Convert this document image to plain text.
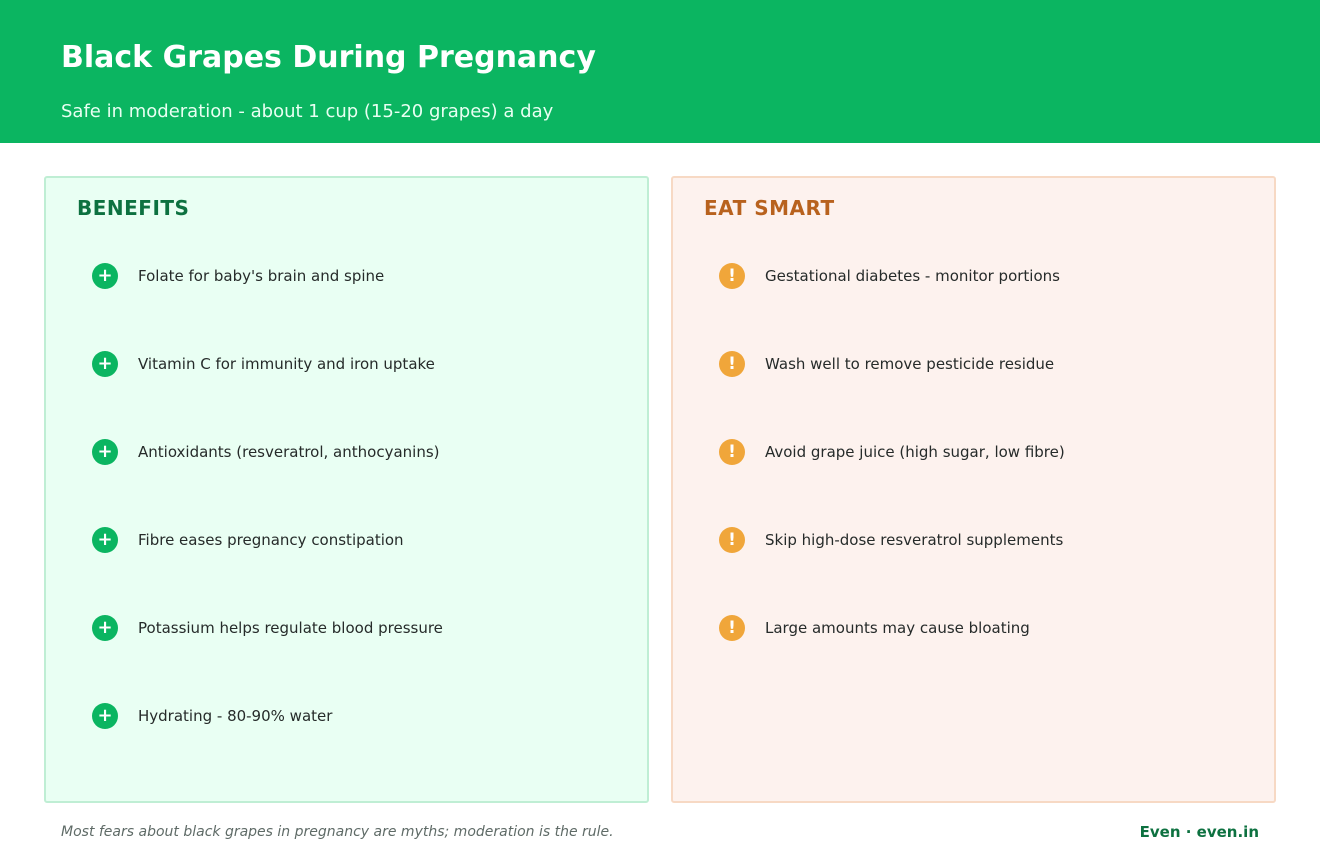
Black Grapes During Pregnancy
Safe in moderation - about 1 cup (15-20 grapes) a day
BENEFITS
+	Folate for baby's brain and spine
+	Vitamin C for immunity and iron uptake
+	Antioxidants (resveratrol, anthocyanins)
+	Fibre eases pregnancy constipation
+	Potassium helps regulate blood pressure
+	Hydrating - 80-90% water
EAT SMART
!	Gestational diabetes - monitor portions
!	Wash well to remove pesticide residue
!	Avoid grape juice (high sugar, low fibre)
!	Skip high-dose resveratrol supplements
!	Large amounts may cause bloating
Most fears about black grapes in pregnancy are myths; moderation is the rule.	Even · even.in
